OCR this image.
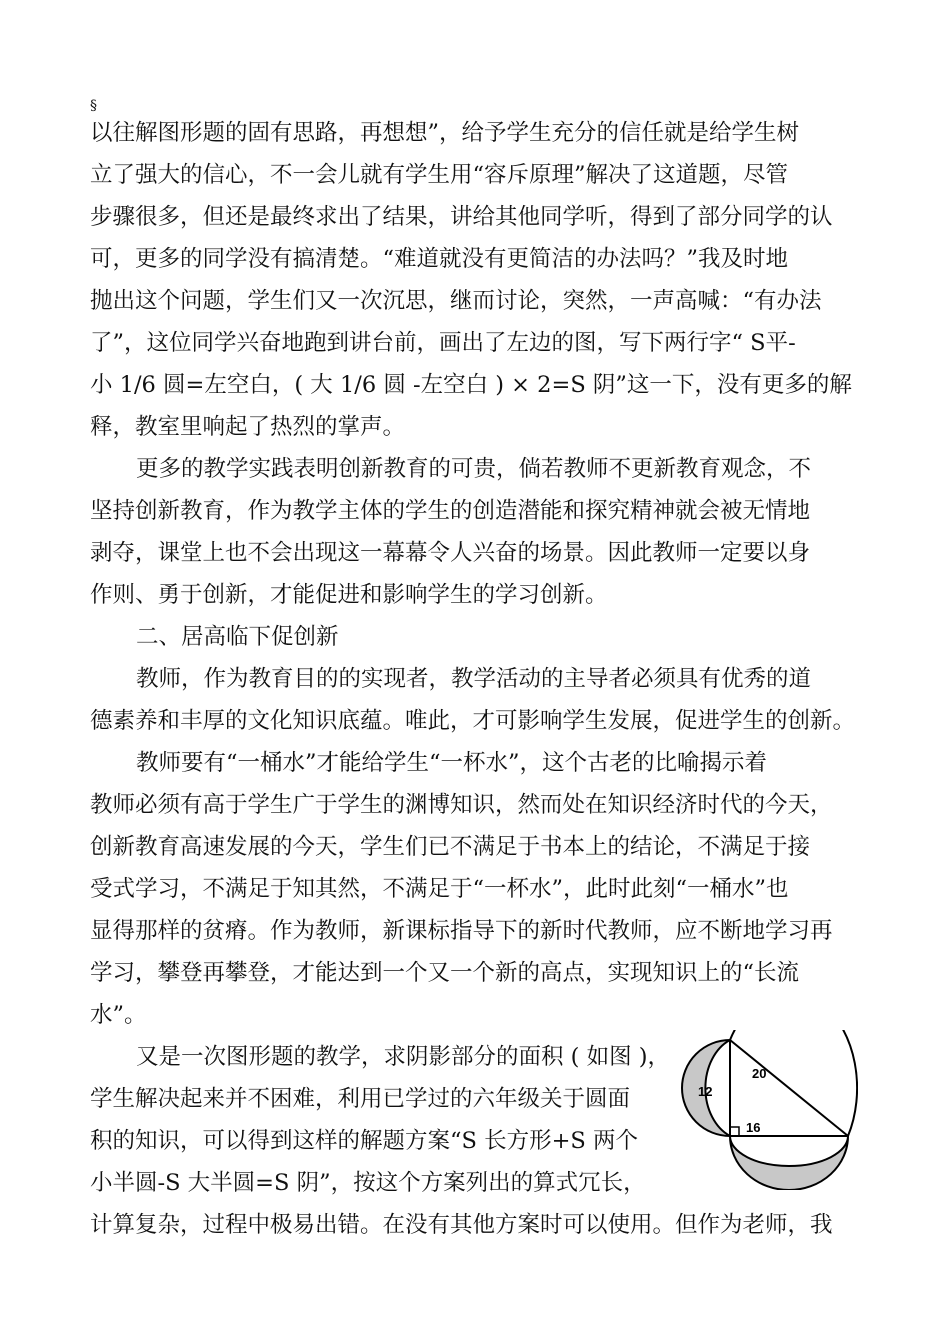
§
以往解图形题的固有思路，再想想”，给予学生充分的信任就是给学生树
立了强大的信心，不一会儿就有学生用“容斥原理”解决了这道题，尽管
步骤很多，但还是最终求出了结果，讲给其他同学听，得到了部分同学的认
可，更多的同学没有搞清楚。“难道就没有更简洁的办法吗？”我及时地
抛出这个问题，学生们又一次沉思，继而讨论，突然，一声高喊：“有办法
了”，这位同学兴奋地跑到讲台前，画出了左边的图，写下两行字“ S平-
小 1/6 圆=左空白，( 大 1/6 圆 -左空白 ) × 2=S 阴”这一下，没有更多的解
释，教室里响起了热烈的掌声。
更多的教学实践表明创新教育的可贵，倘若教师不更新教育观念，不
坚持创新教育，作为教学主体的学生的创造潜能和探究精神就会被无情地
剥夺，课堂上也不会出现这一幕幕令人兴奋的场景。因此教师一定要以身
作则、勇于创新，才能促进和影响学生的学习创新。
二、居高临下促创新
教师，作为教育目的的实现者，教学活动的主导者必须具有优秀的道
德素养和丰厚的文化知识底蕴。唯此，才可影响学生发展，促进学生的创新。
教师要有“一桶水”才能给学生“一杯水”，这个古老的比喻揭示着
教师必须有高于学生广于学生的渊博知识，然而处在知识经济时代的今天，
创新教育高速发展的今天，学生们已不满足于书本上的结论，不满足于接
受式学习，不满足于知其然，不满足于“一杯水”，此时此刻“一桶水”也
显得那样的贫瘠。作为教师，新课标指导下的新时代教师，应不断地学习再
学习，攀登再攀登，才能达到一个又一个新的高点，实现知识上的“长流
水”。
又是一次图形题的教学，求阴影部分的面积 ( 如图 )，
学生解决起来并不困难，利用已学过的六年级关于圆面
积的知识，可以得到这样的解题方案“S 长方形+S 两个
小半圆-S 大半圆=S 阴”，按这个方案列出的算式冗长，
计算复杂，过程中极易出错。在没有其他方案时可以使用。但作为老师，我
12
20
16
